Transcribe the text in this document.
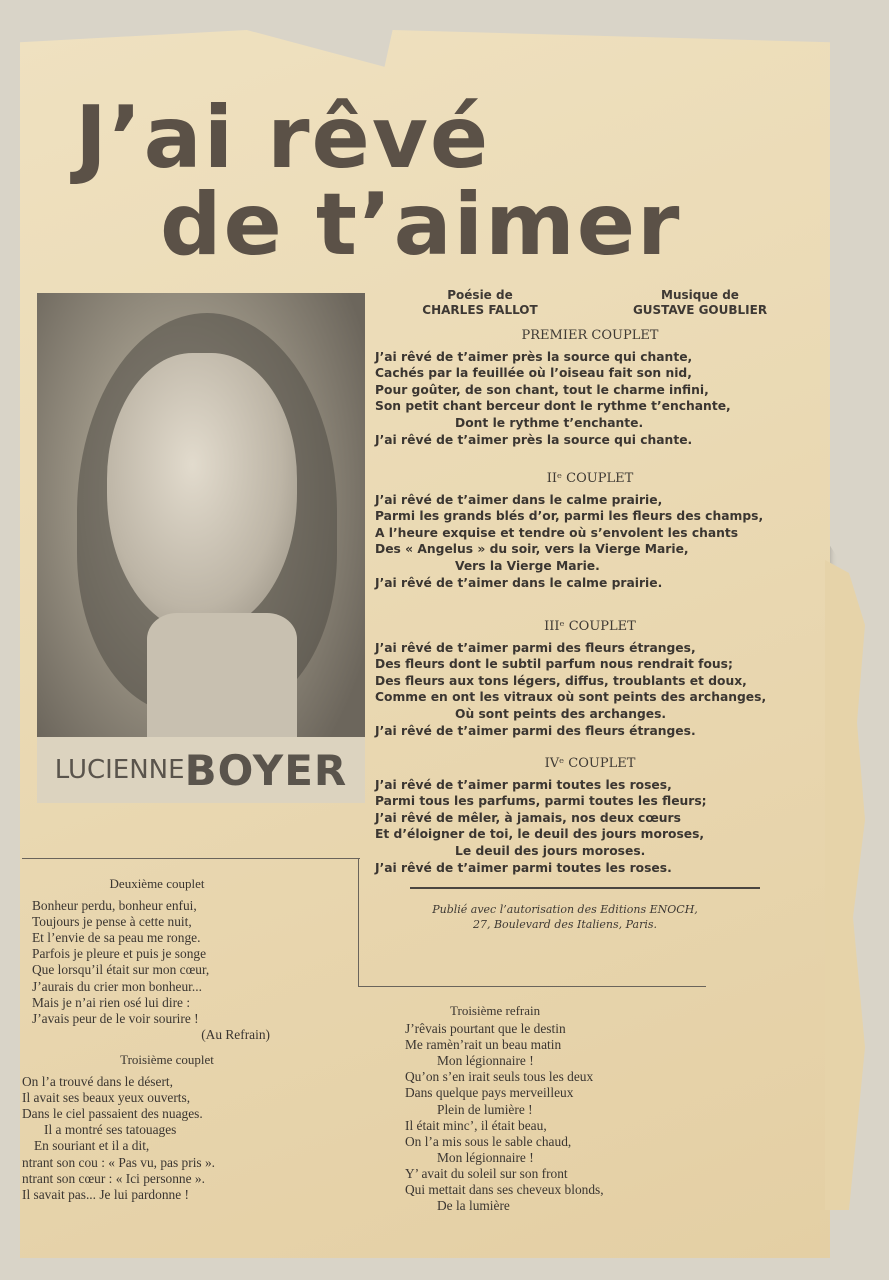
J’ai rêvé
de t’aimer
LUCIENNE BOYER
Poésie de
CHARLES FALLOT
Musique de
GUSTAVE GOUBLIER
PREMIER COUPLET
J’ai rêvé de t’aimer près la source qui chante,
Cachés par la feuillée où l’oiseau fait son nid,
Pour goûter, de son chant, tout le charme infini,
Son petit chant berceur dont le rythme t’enchante,
Dont le rythme t’enchante.
J’ai rêvé de t’aimer près la source qui chante.
IIᵉ COUPLET
J’ai rêvé de t’aimer dans le calme prairie,
Parmi les grands blés d’or, parmi les fleurs des champs,
A l’heure exquise et tendre où s’envolent les chants
Des « Angelus » du soir, vers la Vierge Marie,
Vers la Vierge Marie.
J’ai rêvé de t’aimer dans le calme prairie.
IIIᵉ COUPLET
J’ai rêvé de t’aimer parmi des fleurs étranges,
Des fleurs dont le subtil parfum nous rendrait fous;
Des fleurs aux tons légers, diffus, troublants et doux,
Comme en ont les vitraux où sont peints des archanges,
Où sont peints des archanges.
J’ai rêvé de t’aimer parmi des fleurs étranges.
IVᵉ COUPLET
J’ai rêvé de t’aimer parmi toutes les roses,
Parmi tous les parfums, parmi toutes les fleurs;
J’ai rêvé de mêler, à jamais, nos deux cœurs
Et d’éloigner de toi, le deuil des jours moroses,
Le deuil des jours moroses.
J’ai rêvé de t’aimer parmi toutes les roses.
Publié avec l’autorisation des Editions ENOCH,
27, Boulevard des Italiens, Paris.
Deuxième couplet
Bonheur perdu, bonheur enfui,
Toujours je pense à cette nuit,
Et l’envie de sa peau me ronge.
Parfois je pleure et puis je songe
Que lorsqu’il était sur mon cœur,
J’aurais du crier mon bonheur...
Mais je n’ai rien osé lui dire :
J’avais peur de le voir sourire !
(Au Refrain)
Troisième couplet
On l’a trouvé dans le désert,
Il avait ses beaux yeux ouverts,
Dans le ciel passaient des nuages.
Il a montré ses tatouages
En souriant et il a dit,
ntrant son cou : « Pas vu, pas pris ».
ntrant son cœur : « Ici personne ».
Il savait pas... Je lui pardonne !
Troisième refrain
J’rêvais pourtant que le destin
Me ramèn’rait un beau matin
Mon légionnaire !
Qu’on s’en irait seuls tous les deux
Dans quelque pays merveilleux
Plein de lumière !
Il était minc’, il était beau,
On l’a mis sous le sable chaud,
Mon légionnaire !
Y’ avait du soleil sur son front
Qui mettait dans ses cheveux blonds,
De la lumière
